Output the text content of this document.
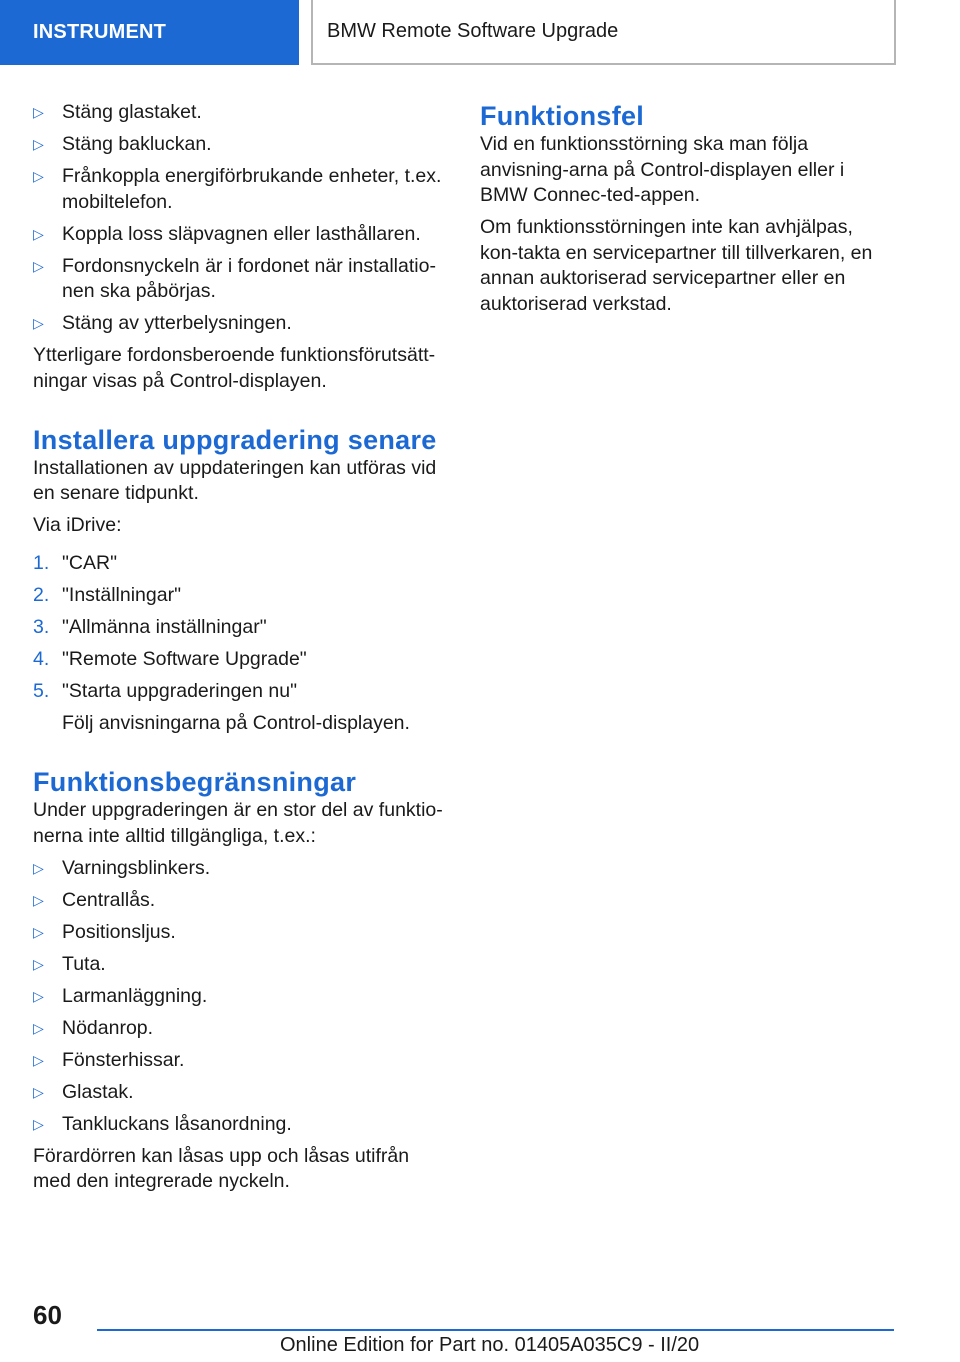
INSTRUMENT	BMW Remote Software Upgrade
▷ Stäng glastaket.
▷ Stäng bakluckan.
▷ Frånkoppla energiförbrukande enheter, t.ex. mobiltelefon.
▷ Koppla loss släpvagnen eller lasthållaren.
▷ Fordonsnyckeln är i fordonet när installatio‐nen ska påbörjas.
▷ Stäng av ytterbelysningen.

Ytterligare fordonsberoende funktionsförutsätt‐ningar visas på Control-displayen.

Installera uppgradering senare

Installationen av uppdateringen kan utföras vid en senare tidpunkt.

Via iDrive:

1. "CAR"
2. "Inställningar"
3. "Allmänna inställningar"
4. "Remote Software Upgrade"
5. "Starta uppgraderingen nu"

Följ anvisningarna på Control-displayen.

Funktionsbegränsningar

Under uppgraderingen är en stor del av funktio‐nerna inte alltid tillgängliga, t.ex.:

▷ Varningsblinkers.
▷ Centrallås.
▷ Positionsljus.
▷ Tuta.
▷ Larmanläggning.
▷ Nödanrop.
▷ Fönsterhissar.
▷ Glastak.
▷ Tankluckans låsanordning.

Förardörren kan låsas upp och låsas utifrån med den integrerade nyckeln.

Funktionsfel

Vid en funktionsstörning ska man följa anvisning‐arna på Control-displayen eller i BMW Connec‐ted-appen.

Om funktionsstörningen inte kan avhjälpas, kon‐takta en servicepartner till tillverkaren, en annan auktoriserad servicepartner eller en auktoriserad verkstad.

60
Online Edition for Part no. 01405A035C9 - II/20
